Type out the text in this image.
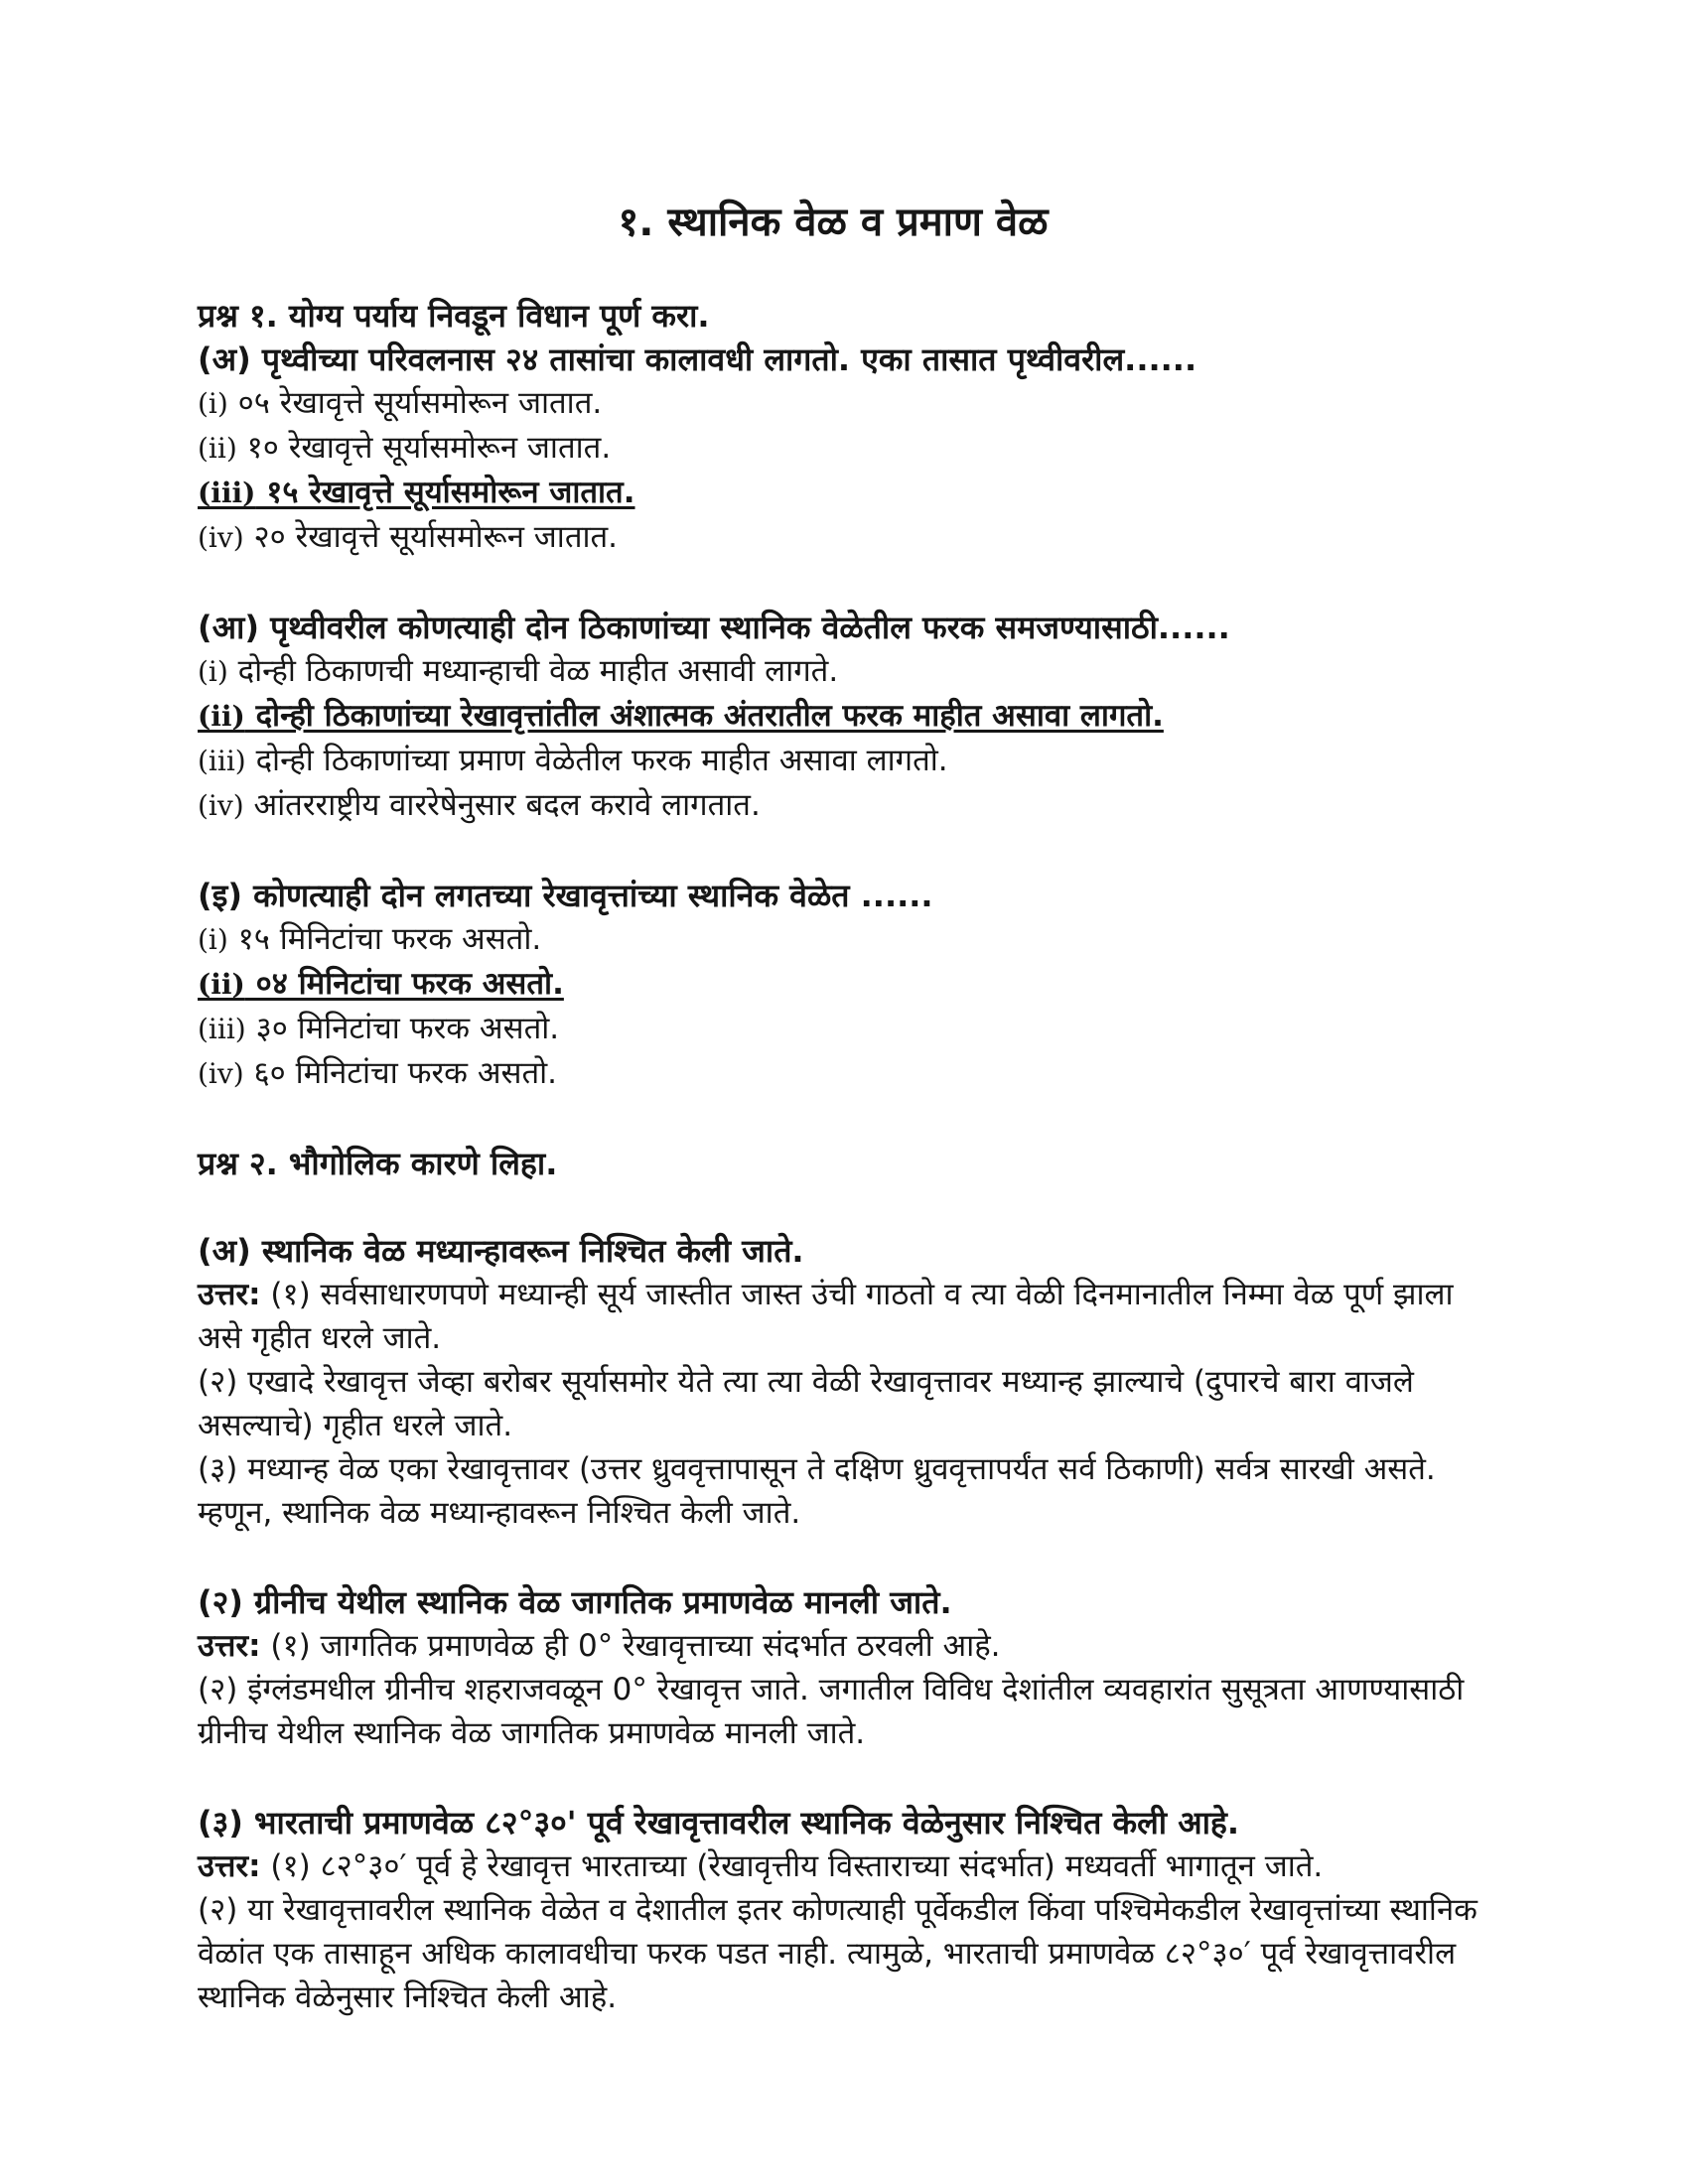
१. स्थानिक वेळ व प्रमाण वेळ

प्रश्न १. योग्य पर्याय निवडून विधान पूर्ण करा.

(अ) पृथ्वीच्या परिवलनास २४ तासांचा कालावधी लागतो. एका तासात पृथ्वीवरील......

(i) ०५ रेखावृत्ते सूर्यासमोरून जातात.

(ii) १० रेखावृत्ते सूर्यासमोरून जातात.

(iii) १५ रेखावृत्ते सूर्यासमोरून जातात.

(iv) २० रेखावृत्ते सूर्यासमोरून जातात.

(आ) पृथ्वीवरील कोणत्याही दोन ठिकाणांच्या स्थानिक वेळेतील फरक समजण्यासाठी......

(i) दोन्ही ठिकाणची मध्यान्हाची वेळ माहीत असावी लागते.

(ii) दोन्ही ठिकाणांच्या रेखावृत्तांतील अंशात्मक अंतरातील फरक माहीत असावा लागतो.

(iii) दोन्ही ठिकाणांच्या प्रमाण वेळेतील फरक माहीत असावा लागतो.

(iv) आंतरराष्ट्रीय वाररेषेनुसार बदल करावे लागतात.

(इ) कोणत्याही दोन लगतच्या रेखावृत्तांच्या स्थानिक वेळेत ......

(i) १५ मिनिटांचा फरक असतो.

(ii) ०४ मिनिटांचा फरक असतो.

(iii) ३० मिनिटांचा फरक असतो.

(iv) ६० मिनिटांचा फरक असतो.

प्रश्न २. भौगोलिक कारणे लिहा.

(अ) स्थानिक वेळ मध्यान्हावरून निश्चित केली जाते.

उत्तर: (१) सर्वसाधारणपणे मध्यान्ही सूर्य जास्तीत जास्त उंची गाठतो व त्या वेळी दिनमानातील निम्मा वेळ पूर्ण झाला असे गृहीत धरले जाते.

(२) एखादे रेखावृत्त जेव्हा बरोबर सूर्यासमोर येते त्या त्या वेळी रेखावृत्तावर मध्यान्ह झाल्याचे (दुपारचे बारा वाजले असल्याचे) गृहीत धरले जाते.

(३) मध्यान्ह वेळ एका रेखावृत्तावर (उत्तर ध्रुववृत्तापासून ते दक्षिण ध्रुववृत्तापर्यंत सर्व ठिकाणी) सर्वत्र सारखी असते. म्हणून, स्थानिक वेळ मध्यान्हावरून निश्चित केली जाते.

(२) ग्रीनीच येथील स्थानिक वेळ जागतिक प्रमाणवेळ मानली जाते.

उत्तर: (१) जागतिक प्रमाणवेळ ही 0° रेखावृत्ताच्या संदर्भात ठरवली आहे.

(२) इंग्लंडमधील ग्रीनीच शहराजवळून 0° रेखावृत्त जाते. जगातील विविध देशांतील व्यवहारांत सुसूत्रता आणण्यासाठी ग्रीनीच येथील स्थानिक वेळ जागतिक प्रमाणवेळ मानली जाते.

(३) भारताची प्रमाणवेळ ८२°३०' पूर्व रेखावृत्तावरील स्थानिक वेळेनुसार निश्चित केली आहे.

उत्तर: (१) ८२°३०′ पूर्व हे रेखावृत्त भारताच्या (रेखावृत्तीय विस्ताराच्या संदर्भात) मध्यवर्ती भागातून जाते.

(२) या रेखावृत्तावरील स्थानिक वेळेत व देशातील इतर कोणत्याही पूर्वेकडील किंवा पश्चिमेकडील रेखावृत्तांच्या स्थानिक वेळांत एक तासाहून अधिक कालावधीचा फरक पडत नाही. त्यामुळे, भारताची प्रमाणवेळ ८२°३०′ पूर्व रेखावृत्तावरील स्थानिक वेळेनुसार निश्चित केली आहे.
